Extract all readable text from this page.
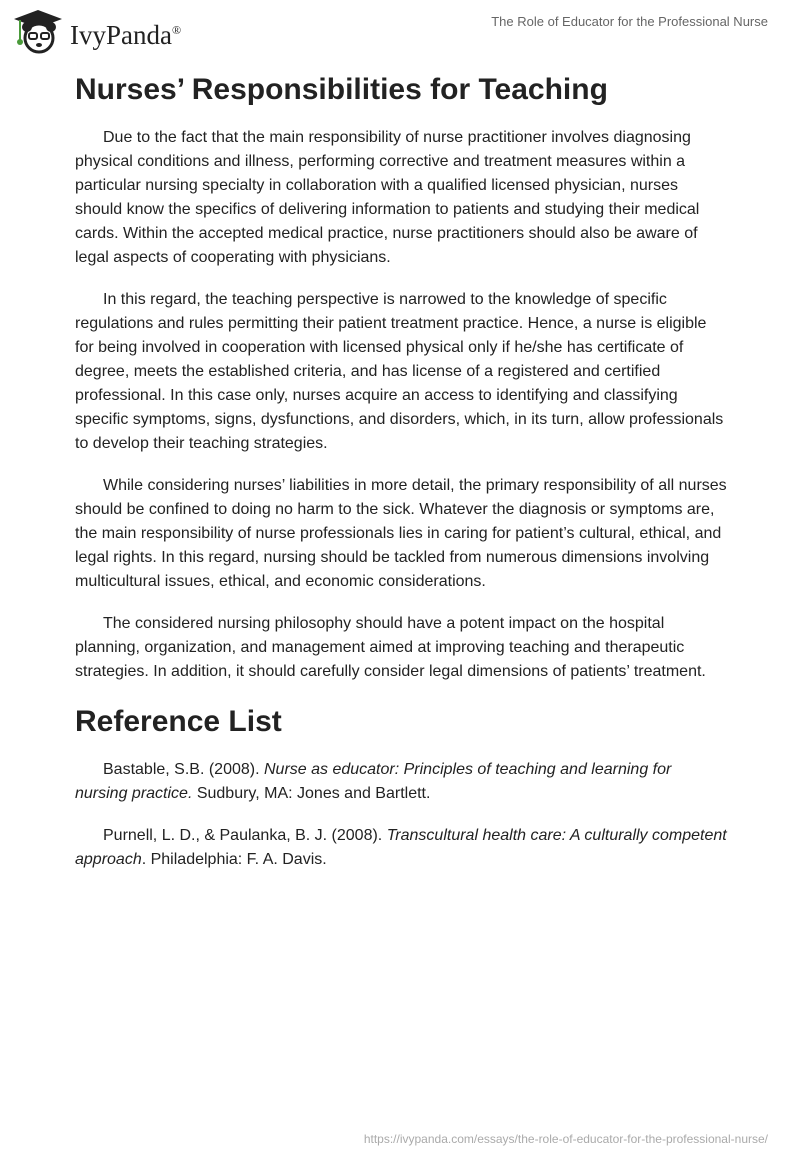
IvyPanda®
The Role of Educator for the Professional Nurse
Nurses’ Responsibilities for Teaching

Due to the fact that the main responsibility of nurse practitioner involves diagnosing physical conditions and illness, performing corrective and treatment measures within a particular nursing specialty in collaboration with a qualified licensed physician, nurses should know the specifics of delivering information to patients and studying their medical cards. Within the accepted medical practice, nurse practitioners should also be aware of legal aspects of cooperating with physicians.

In this regard, the teaching perspective is narrowed to the knowledge of specific regulations and rules permitting their patient treatment practice. Hence, a nurse is eligible for being involved in cooperation with licensed physical only if he/she has certificate of degree, meets the established criteria, and has license of a registered and certified professional. In this case only, nurses acquire an access to identifying and classifying specific symptoms, signs, dysfunctions, and disorders, which, in its turn, allow professionals to develop their teaching strategies.

While considering nurses’ liabilities in more detail, the primary responsibility of all nurses should be confined to doing no harm to the sick. Whatever the diagnosis or symptoms are, the main responsibility of nurse professionals lies in caring for patient’s cultural, ethical, and legal rights. In this regard, nursing should be tackled from numerous dimensions involving multicultural issues, ethical, and economic considerations.

The considered nursing philosophy should have a potent impact on the hospital planning, organization, and management aimed at improving teaching and therapeutic strategies. In addition, it should carefully consider legal dimensions of patients’ treatment.

Reference List

Bastable, S.B. (2008). Nurse as educator: Principles of teaching and learning for nursing practice. Sudbury, MA: Jones and Bartlett.

Purnell, L. D., & Paulanka, B. J. (2008). Transcultural health care: A culturally competent approach. Philadelphia: F. A. Davis.

https://ivypanda.com/essays/the-role-of-educator-for-the-professional-nurse/
